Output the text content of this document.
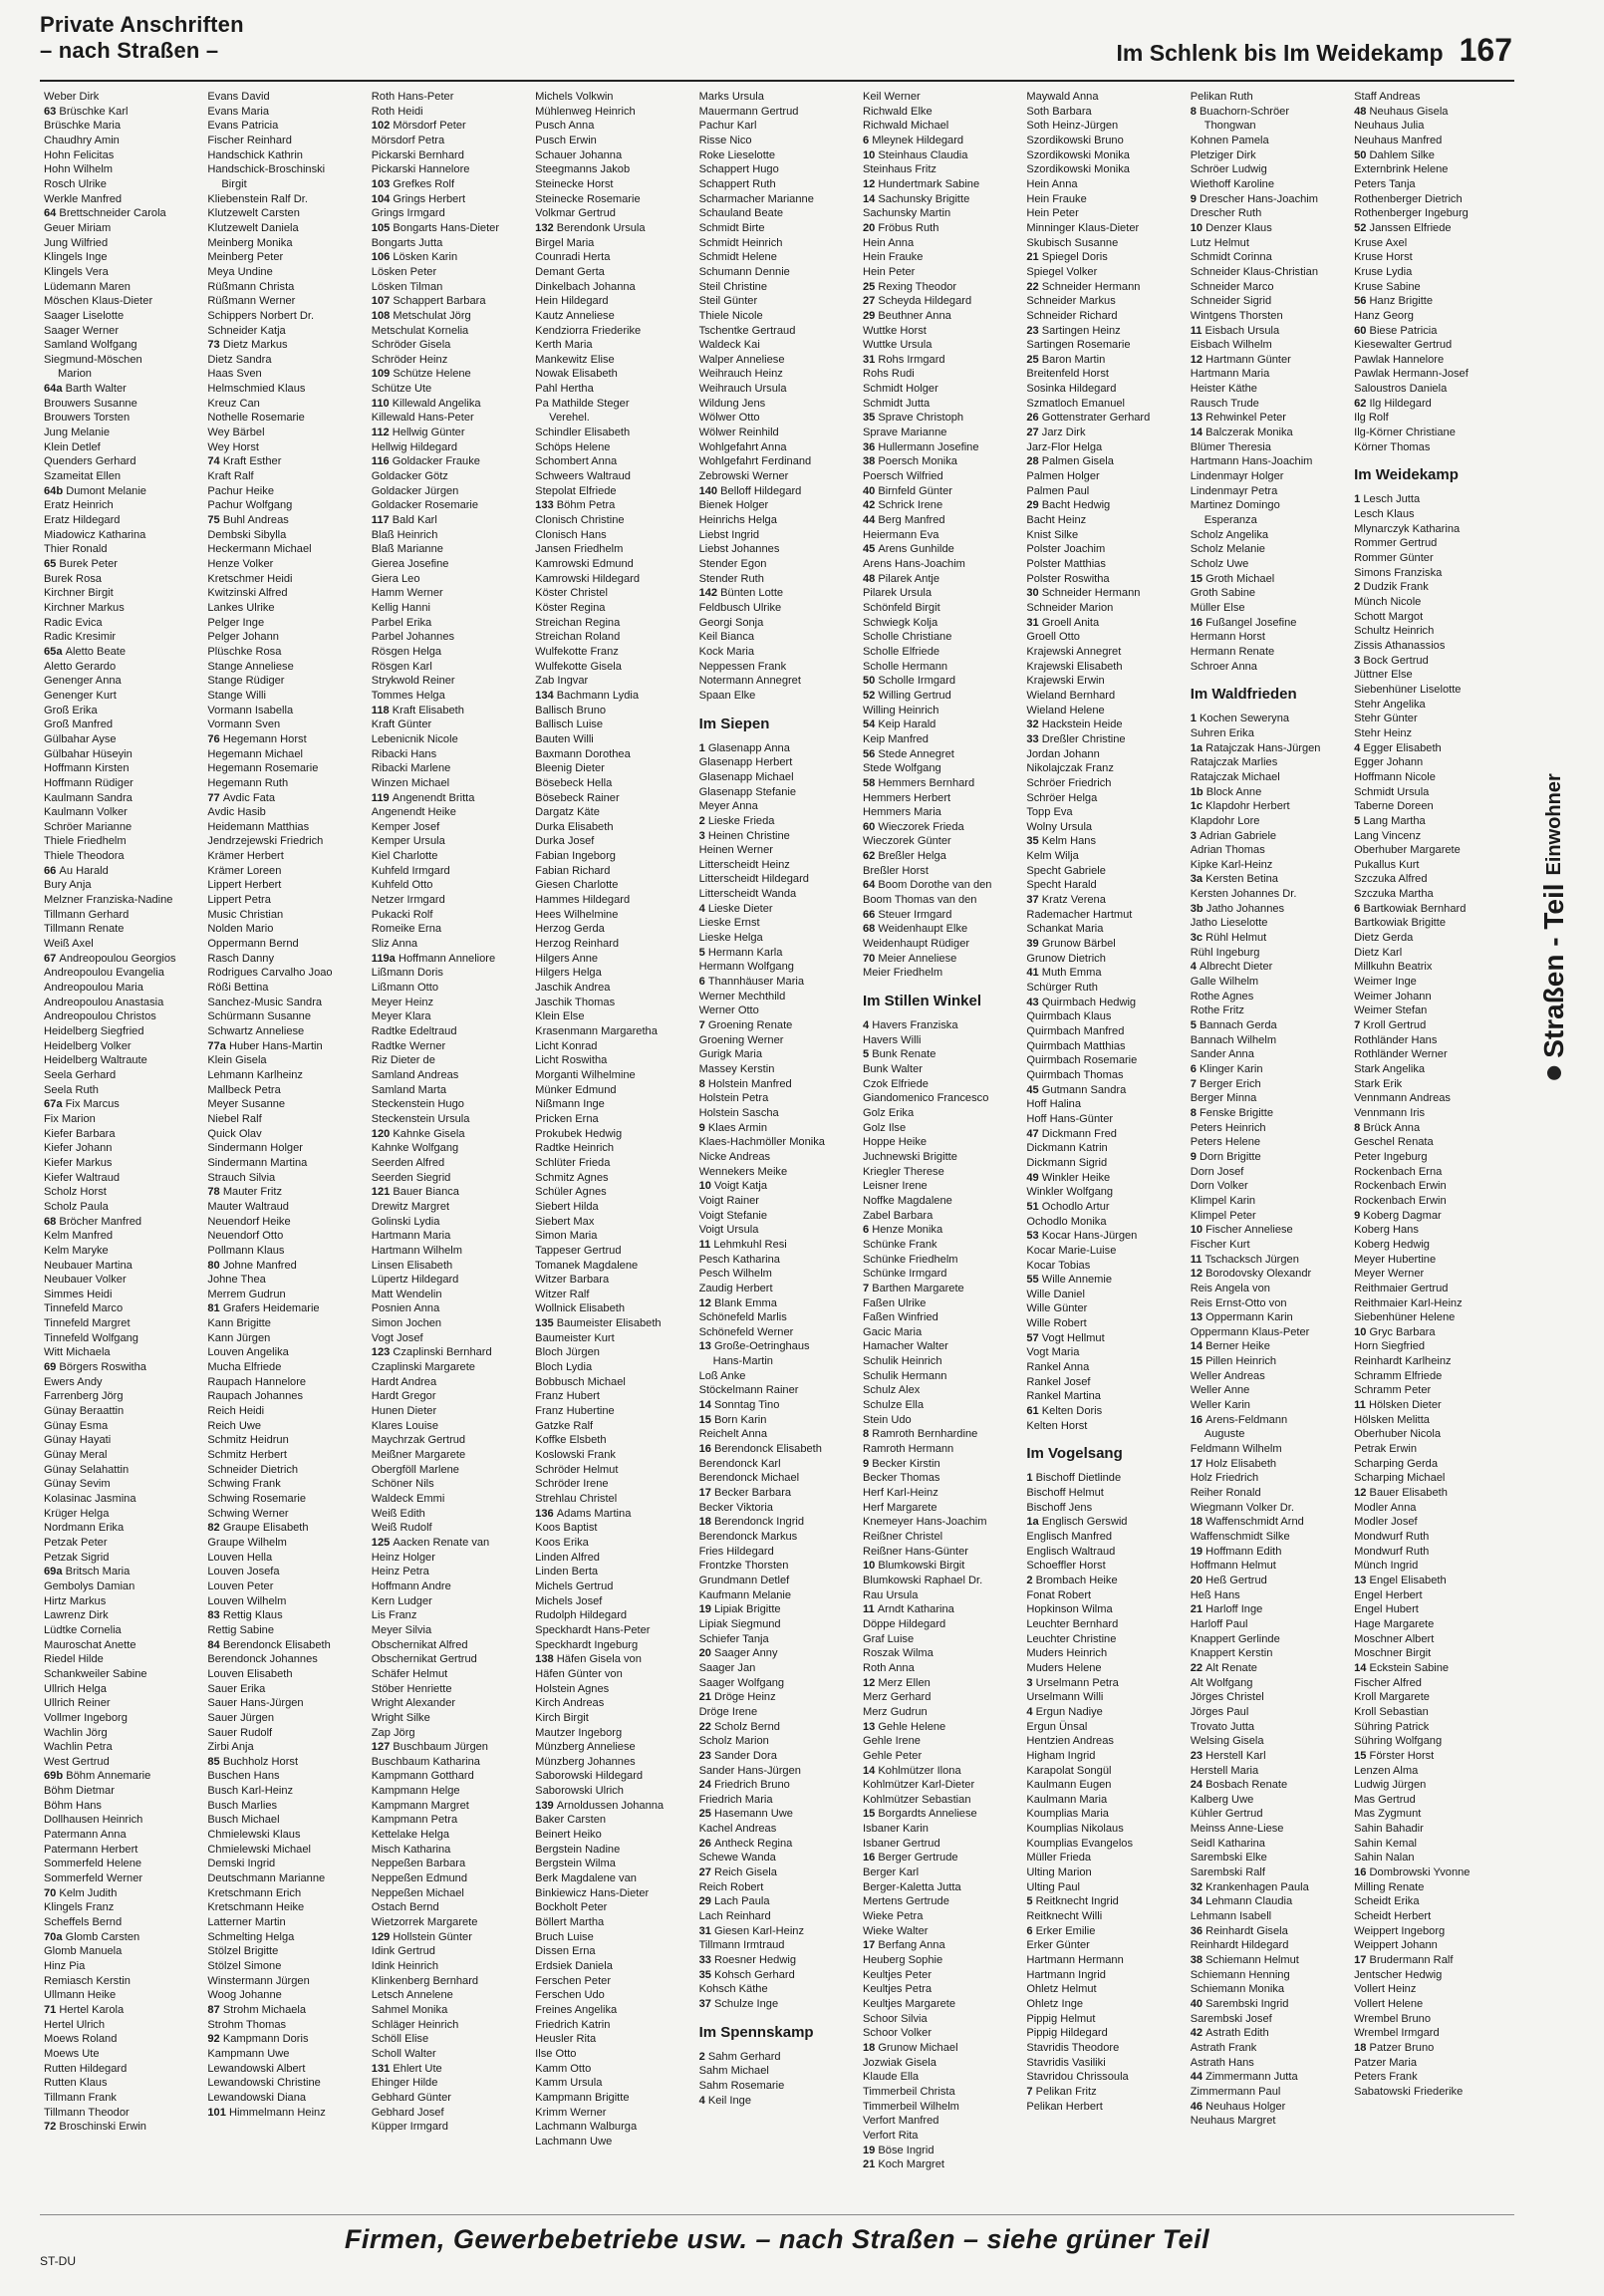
Private Anschriften
– nach Straßen –	Im Schlenk bis Im Weidekamp 167
Weber Dirk
63 Brüschke Karl
Brüschke Maria
Chaudhry Amin
Hohn Felicitas
Hohn Wilhelm
Rosch Ulrike
Werkle Manfred
64 Brettschneider Carola
Geuer Miriam
Jung Wilfried
Klingels Inge
Klingels Vera
Lüdemann Maren
Möschen Klaus-Dieter
Saager Liselotte
Saager Werner
Samland Wolfgang
Siegmund-Möschen
Marion
64a Barth Walter
Brouwers Susanne
Brouwers Torsten
Jung Melanie
Klein Detlef
Quenders Gerhard
Szameitat Ellen
64b Dumont Melanie
Eratz Heinrich
Eratz Hildegard
Miadowicz Katharina
Thier Ronald
65 Burek Peter
Burek Rosa
Kirchner Birgit
Kirchner Markus
Radic Evica
Radic Kresimir
65a Aletto Beate
Aletto Gerardo
Genenger Anna
Genenger Kurt
Groß Erika
Groß Manfred
Gülbahar Ayse
Gülbahar Hüseyin
Hoffmann Kirsten
Hoffmann Rüdiger
Kaulmann Sandra
Kaulmann Volker
Schröer Marianne
Thiele Friedhelm
Thiele Theodora
66 Au Harald
Bury Anja
Melzner Franziska-Nadine
Tillmann Gerhard
Tillmann Renate
Weiß Axel
67 Andreopoulou Georgios
Andreopoulou Evangelia
Andreopoulou Maria
Andreopoulou Anastasia
Andreopoulou Christos
Heidelberg Siegfried
Heidelberg Volker
Heidelberg Waltraute
Seela Gerhard
Seela Ruth
67a Fix Marcus
Fix Marion
Kiefer Barbara
Kiefer Johann
Kiefer Markus
Kiefer Waltraud
Scholz Horst
Scholz Paula
68 Bröcher Manfred
Kelm Manfred
Kelm Maryke
Neubauer Martina
Neubauer Volker
Simmes Heidi
Tinnefeld Marco
Tinnefeld Margret
Tinnefeld Wolfgang
Witt Michaela
69 Börgers Roswitha
Ewers Andy
Farrenberg Jörg
Günay Beraattin
Günay Esma
Günay Hayati
Günay Meral
Günay Selahattin
Günay Sevim
Kolasinac Jasmina
Krüger Helga
Nordmann Erika
Petzak Peter
Petzak Sigrid
69a Britsch Maria
Gembolys Damian
Hirtz Markus
Lawrenz Dirk
Lüdtke Cornelia
Mauroschat Anette
Riedel Hilde
Schankweiler Sabine
Ullrich Helga
Ullrich Reiner
Vollmer Ingeborg
Wachlin Jörg
Wachlin Petra
West Gertrud
69b Böhm Annemarie
Böhm Dietmar
Böhm Hans
Dollhausen Heinrich
Patermann Anna
Patermann Herbert
Sommerfeld Helene
Sommerfeld Werner
70 Kelm Judith
Klingels Franz
Scheffels Bernd
70a Glomb Carsten
Glomb Manuela
Hinz Pia
Remiasch Kerstin
Ullmann Heike
71 Hertel Karola
Hertel Ulrich
Moews Roland
Moews Ute
Rutten Hildegard
Rutten Klaus
Tillmann Frank
Tillmann Theodor
72 Broschinski Erwin
Evans David
Evans Maria
Evans Patricia
Fischer Reinhard
Handschick Kathrin
Handschick-Broschinski
Birgit
Kliebenstein Ralf Dr.
Klutzewelt Carsten
Klutzewelt Daniela
Meinberg Monika
Meinberg Peter
Meya Undine
Rüßmann Christa
Rüßmann Werner
Schippers Norbert Dr.
Schneider Katja
73 Dietz Markus
Dietz Sandra
Haas Sven
Helmschmied Klaus
Kreuz Can
Nothelle Rosemarie
Wey Bärbel
Wey Horst
74 Kraft Esther
Kraft Ralf
Pachur Heike
Pachur Wolfgang
75 Buhl Andreas
Dembski Sibylla
Heckermann Michael
Henze Volker
Kretschmer Heidi
Kwitzinski Alfred
Lankes Ulrike
Pelger Inge
Pelger Johann
Plüschke Rosa
Stange Anneliese
Stange Rüdiger
Stange Willi
Vormann Isabella
Vormann Sven
76 Hegemann Horst
Hegemann Michael
Hegemann Rosemarie
Hegemann Ruth
77 Avdic Fata
Avdic Hasib
Heidemann Matthias
Jendrzejewski Friedrich
Krämer Herbert
Krämer Loreen
Lippert Herbert
Lippert Petra
Music Christian
Nolden Mario
Oppermann Bernd
Rasch Danny
Rodrigues Carvalho Joao
Rößi Bettina
Sanchez-Music Sandra
Schürmann Susanne
Schwartz Anneliese
77a Huber Hans-Martin
Klein Gisela
Lehmann Karlheinz
Mallbeck Petra
Meyer Susanne
Niebel Ralf
Quick Olav
Sindermann Holger
Sindermann Martina
Strauch Silvia
78 Mauter Fritz
Mauter Waltraud
Neuendorf Heike
Neuendorf Otto
Pollmann Klaus
80 Johne Manfred
Johne Thea
Merrem Gudrun
81 Grafers Heidemarie
Kann Brigitte
Kann Jürgen
Louven Angelika
Mucha Elfriede
Raupach Hannelore
Raupach Johannes
Reich Heidi
Reich Uwe
Schmitz Heidrun
Schmitz Herbert
Schneider Dietrich
Schwing Frank
Schwing Rosemarie
Schwing Werner
82 Graupe Elisabeth
Graupe Wilhelm
Louven Hella
Louven Josefa
Louven Peter
Louven Wilhelm
83 Rettig Klaus
Rettig Sabine
84 Berendonck Elisabeth
Berendonck Johannes
Louven Elisabeth
Sauer Erika
Sauer Hans-Jürgen
Sauer Jürgen
Sauer Rudolf
Zirbi Anja
85 Buchholz Horst
Buschen Hans
Busch Karl-Heinz
Busch Marlies
Busch Michael
Chmielewski Klaus
Chmielewski Michael
Demski Ingrid
Deutschmann Marianne
Kretschmann Erich
Kretschmann Heike
Latterner Martin
Schmelting Helga
Stölzel Brigitte
Stölzel Simone
Winstermann Jürgen
Woog Johanne
87 Strohm Michaela
Strohm Thomas
92 Kampmann Doris
Kampmann Uwe
Lewandowski Albert
Lewandowski Christine
Lewandowski Diana
101 Himmelmann Heinz
Roth Hans-Peter
Roth Heidi
102 Mörsdorf Peter
Mörsdorf Petra
Pickarski Bernhard
Pickarski Hannelore
103 Grefkes Rolf
104 Grings Herbert
Grings Irmgard
105 Bongarts Hans-Dieter
Bongarts Jutta
106 Lösken Karin
Lösken Peter
Lösken Tilman
107 Schappert Barbara
108 Metschulat Jörg
Metschulat Kornelia
Schröder Gisela
Schröder Heinz
109 Schütze Helene
Schütze Ute
110 Killewald Angelika
Killewald Hans-Peter
112 Hellwig Günter
Hellwig Hildegard
116 Goldacker Frauke
Goldacker Götz
Goldacker Jürgen
Goldacker Rosemarie
117 Bald Karl
Blaß Heinrich
Blaß Marianne
Gierea Josefine
Giera Leo
Hamm Werner
Kellig Hanni
Parbel Erika
Parbel Johannes
Rösgen Helga
Rösgen Karl
Strykwold Reiner
Tommes Helga
118 Kraft Elisabeth
Kraft Günter
Lebenicnik Nicole
Ribacki Hans
Ribacki Marlene
Winzen Michael
119 Angenendt Britta
Angenendt Heike
Kemper Josef
Kemper Ursula
Kiel Charlotte
Kuhfeld Irmgard
Kuhfeld Otto
Netzer Irmgard
Pukacki Rolf
Romeike Erna
Sliz Anna
119a Hoffmann Anneliore
Lißmann Doris
Lißmann Otto
Meyer Heinz
Meyer Klara
Radtke Edeltraud
Radtke Werner
Riz Dieter de
Samland Andreas
Samland Marta
Steckenstein Hugo
Steckenstein Ursula
120 Kahnke Gisela
Kahnke Wolfgang
Seerden Alfred
Seerden Siegrid
121 Bauer Bianca
Drewitz Margret
Golinski Lydia
Hartmann Maria
Hartmann Wilhelm
Linsen Elisabeth
Lüpertz Hildegard
Matt Wendelin
Posnien Anna
Simon Jochen
Vogt Josef
123 Czaplinski Bernhard
Czaplinski Margarete
Hardt Andrea
Hardt Gregor
Hunen Dieter
Klares Louise
Maychrzak Gertrud
Meißner Margarete
Obergföll Marlene
Schöner Nils
Waldeck Emmi
Weiß Edith
Weiß Rudolf
125 Aacken Renate van
Heinz Holger
Heinz Petra
Hoffmann Andre
Kern Ludger
Lis Franz
Meyer Silvia
Obschernikat Alfred
Obschernikat Gertrud
Schäfer Helmut
Stöber Henriette
Wright Alexander
Wright Silke
Zap Jörg
127 Buschbaum Jürgen
Buschbaum Katharina
Kampmann Gotthard
Kampmann Helge
Kampmann Margret
Kampmann Petra
Kettelake Helga
Misch Katharina
Neppeßen Barbara
Neppeßen Edmund
Neppeßen Michael
Ostach Bernd
Wietzorrek Margarete
129 Hollstein Günter
Idink Gertrud
Idink Heinrich
Klinkenberg Bernhard
Letsch Annelene
Sahmel Monika
Schläger Heinrich
Schöll Elise
Scholl Walter
131 Ehlert Ute
Ehinger Hilde
Gebhard Günter
Gebhard Josef
Küpper Irmgard
Michels Volkwin
Mühlenweg Heinrich
Pusch Anna
Pusch Erwin
Schauer Johanna
Steegmanns Jakob
Steinecke Horst
Steinecke Rosemarie
Volkmar Gertrud
132 Berendonk Ursula
Birgel Maria
Counradi Herta
Demant Gerta
Dinkelbach Johanna
Hein Hildegard
Kautz Anneliese
Kendziorra Friederike
Kerth Maria
Mankewitz Elise
Nowak Elisabeth
Pahl Hertha
Pa Mathilde Steger
Verehel.
Schindler Elisabeth
Schöps Helene
Schombert Anna
Schweers Waltraud
Stepolat Elfriede
133 Böhm Petra
Clonisch Christine
Clonisch Hans
Jansen Friedhelm
Kamrowski Edmund
Kamrowski Hildegard
Köster Christel
Köster Regina
Streichan Regina
Streichan Roland
Wulfekotte Franz
Wulfekotte Gisela
Zab Ingvar
134 Bachmann Lydia
Ballisch Bruno
Ballisch Luise
Bauten Willi
Baxmann Dorothea
Bleenig Dieter
Bösebeck Hella
Bösebeck Rainer
Dargatz Käte
Durka Elisabeth
Durka Josef
Fabian Ingeborg
Fabian Richard
Giesen Charlotte
Hammes Hildegard
Hees Wilhelmine
Herzog Gerda
Herzog Reinhard
Hilgers Anne
Hilgers Helga
Jaschik Andrea
Jaschik Thomas
Klein Else
Krasenmann Margaretha
Licht Konrad
Licht Roswitha
Morganti Wilhelmine
Münker Edmund
Nißmann Inge
Pricken Erna
Prokubek Hedwig
Radtke Heinrich
Schlüter Frieda
Schmitz Agnes
Schüler Agnes
Siebert Hilda
Siebert Max
Simon Maria
Tappeser Gertrud
Tomanek Magdalene
Witzer Barbara
Witzer Ralf
Wollnick Elisabeth
135 Baumeister Elisabeth
Baumeister Kurt
Bloch Jürgen
Bloch Lydia
Bobbusch Michael
Franz Hubert
Franz Hubertine
Gatzke Ralf
Koffke Elsbeth
Koslowski Frank
Schröder Helmut
Schröder Irene
Strehlau Christel
136 Adams Martina
Koos Baptist
Koos Erika
Linden Alfred
Linden Berta
Michels Gertrud
Michels Josef
Rudolph Hildegard
Speckhardt Hans-Peter
Speckhardt Ingeburg
138 Häfen Gisela von
Häfen Günter von
Holstein Agnes
Kirch Andreas
Kirch Birgit
Mautzer Ingeborg
Münzberg Anneliese
Münzberg Johannes
Saborowski Hildegard
Saborowski Ulrich
139 Arnoldussen Johanna
Baker Carsten
Beinert Heiko
Bergstein Nadine
Bergstein Wilma
Berk Magdalene van
Binkiewicz Hans-Dieter
Bockholt Peter
Böllert Martha
Bruch Luise
Dissen Erna
Erdsiek Daniela
Ferschen Peter
Ferschen Udo
Freines Angelika
Friedrich Katrin
Heusler Rita
Ilse Otto
Kamm Otto
Kamm Ursula
Kampmann Brigitte
Krimm Werner
Lachmann Walburga
Lachmann Uwe
Marks Ursula
Mauermann Gertrud
Pachur Karl
Risse Nico
Roke Lieselotte
Schappert Hugo
Schappert Ruth
Scharmacher Marianne
Schauland Beate
Schmidt Birte
Schmidt Heinrich
Schmidt Helene
Schumann Dennie
Steil Christine
Steil Günter
Thiele Nicole
Tschentke Gertraud
Waldeck Kai
Walper Anneliese
Weihrauch Heinz
Weihrauch Ursula
Wildung Jens
Wölwer Otto
Wölwer Reinhild
Wohlgefahrt Anna
Wohlgefahrt Ferdinand
Zebrowski Werner
140 Belloff Hildegard
Bienek Holger
Heinrichs Helga
Liebst Ingrid
Liebst Johannes
Stender Egon
Stender Ruth
142 Bünten Lotte
Feldbusch Ulrike
Georgi Sonja
Keil Bianca
Kock Maria
Neppessen Frank
Notermann Annegret
Spaan Elke
Im Siepen
1 Glasenapp Anna
Glasenapp Herbert
Glasenapp Michael
Glasenapp Stefanie
Meyer Anna
2 Lieske Frieda
3 Heinen Christine
Heinen Werner
Litterscheidt Heinz
Litterscheidt Hildegard
Litterscheidt Wanda
4 Lieske Dieter
Lieske Ernst
Lieske Helga
5 Hermann Karla
Hermann Wolfgang
6 Thannhäuser Maria
Werner Mechthild
Werner Otto
7 Groening Renate
Groening Werner
Gurigk Maria
Massey Kerstin
8 Holstein Manfred
Holstein Petra
Holstein Sascha
9 Klaes Armin
Klaes-Hachmöller Monika
Nicke Andreas
Wennekers Meike
10 Voigt Katja
Voigt Rainer
Voigt Stefanie
Voigt Ursula
11 Lehmkuhl Resi
Pesch Katharina
Pesch Wilhelm
Zaudig Herbert
12 Blank Emma
Schönefeld Marlis
Schönefeld Werner
13 Große-Oetringhaus
Hans-Martin
Loß Anke
Stöckelmann Rainer
14 Sonntag Tino
15 Born Karin
Reichelt Anna
16 Berendonck Elisabeth
Berendonck Karl
Berendonck Michael
17 Becker Barbara
Becker Viktoria
18 Berendonck Ingrid
Berendonck Markus
Fries Hildegard
Frontzke Thorsten
Grundmann Detlef
Kaufmann Melanie
19 Lipiak Brigitte
Lipiak Siegmund
Schiefer Tanja
20 Saager Anny
Saager Jan
Saager Wolfgang
21 Dröge Heinz
Dröge Irene
22 Scholz Bernd
Scholz Marion
23 Sander Dora
Sander Hans-Jürgen
24 Friedrich Bruno
Friedrich Maria
25 Hasemann Uwe
Kachel Andreas
26 Antheck Regina
Schewe Wanda
27 Reich Gisela
Reich Robert
29 Lach Paula
Lach Reinhard
31 Giesen Karl-Heinz
Tillmann Irmtraud
33 Roesner Hedwig
35 Kohsch Gerhard
Kohsch Käthe
37 Schulze Inge
Im Spennskamp
2 Sahm Gerhard
Sahm Michael
Sahm Rosemarie
4 Keil Inge
Keil Werner
Richwald Elke
Richwald Michael
6 Mleynek Hildegard
10 Steinhaus Claudia
Steinhaus Fritz
12 Hundertmark Sabine
14 Sachunsky Brigitte
Sachunsky Martin
20 Fröbus Ruth
Hein Anna
Hein Frauke
Hein Peter
25 Rexing Theodor
27 Scheyda Hildegard
29 Beuthner Anna
Wuttke Horst
Wuttke Ursula
31 Rohs Irmgard
Rohs Rudi
Schmidt Holger
Schmidt Jutta
35 Sprave Christoph
Sprave Marianne
36 Hullermann Josefine
38 Poersch Monika
Poersch Wilfried
40 Birnfeld Günter
42 Schrick Irene
44 Berg Manfred
Heiermann Eva
45 Arens Gunhilde
Arens Hans-Joachim
48 Pilarek Antje
Pilarek Ursula
Schönfeld Birgit
Schwiegk Kolja
Scholle Christiane
Scholle Elfriede
Scholle Hermann
50 Scholle Irmgard
52 Willing Gertrud
Willing Heinrich
54 Keip Harald
Keip Manfred
56 Stede Annegret
Stede Wolfgang
58 Hemmers Bernhard
Hemmers Herbert
Hemmers Maria
60 Wieczorek Frieda
Wieczorek Günter
62 Breßler Helga
Breßler Horst
64 Boom Dorothe van den
Boom Thomas van den
66 Steuer Irmgard
68 Weidenhaupt Elke
Weidenhaupt Rüdiger
70 Meier Anneliese
Meier Friedhelm
Im Stillen Winkel
4 Havers Franziska
Havers Willi
5 Bunk Renate
Bunk Walter
Czok Elfriede
Giandomenico Francesco
Golz Erika
Golz Ilse
Hoppe Heike
Juchnewski Brigitte
Kriegler Therese
Leisner Irene
Noffke Magdalene
Zabel Barbara
6 Henze Monika
Schünke Frank
Schünke Friedhelm
Schünke Irmgard
7 Barthen Margarete
Faßen Ulrike
Faßen Winfried
Gacic Maria
Hamacher Walter
Schulik Heinrich
Schulik Hermann
Schulz Alex
Schulze Ella
Stein Udo
8 Ramroth Bernhardine
Ramroth Hermann
9 Becker Kirstin
Becker Thomas
Herf Karl-Heinz
Herf Margarete
Knemeyer Hans-Joachim
Reißner Christel
Reißner Hans-Günter
10 Blumkowski Birgit
Blumkowski Raphael Dr.
Rau Ursula
11 Arndt Katharina
Döppe Hildegard
Graf Luise
Roszak Wilma
Roth Anna
12 Merz Ellen
Merz Gerhard
Merz Gudrun
13 Gehle Helene
Gehle Irene
Gehle Peter
14 Kohlmützer Ilona
Kohlmützer Karl-Dieter
Kohlmützer Sebastian
15 Borgardts Anneliese
Isbaner Karin
Isbaner Gertrud
16 Berger Gertrude
Berger Karl
Berger-Kaletta Jutta
Mertens Gertrude
Wieke Petra
Wieke Walter
17 Berfang Anna
Heuberg Sophie
Keultjes Peter
Keultjes Petra
Keultjes Margarete
Schoor Silvia
Schoor Volker
18 Grunow Michael
Jozwiak Gisela
Klaude Ella
Timmerbeil Christa
Timmerbeil Wilhelm
Verfort Manfred
Verfort Rita
19 Böse Ingrid
21 Koch Margret
Maywald Anna
Soth Barbara
Soth Heinz-Jürgen
Szordikowski Bruno
Szordikowski Monika
Szordikowski Monika
Hein Anna
Hein Frauke
Hein Peter
Minninger Klaus-Dieter
Skubisch Susanne
21 Spiegel Doris
Spiegel Volker
22 Schneider Hermann
Schneider Markus
Schneider Richard
23 Sartingen Heinz
Sartingen Rosemarie
25 Baron Martin
Breitenfeld Horst
Sosinka Hildegard
Szmatloch Emanuel
26 Gottenstrater Gerhard
27 Jarz Dirk
Jarz-Flor Helga
28 Palmen Gisela
Palmen Holger
Palmen Paul
29 Bacht Hedwig
Bacht Heinz
Knist Silke
Polster Joachim
Polster Matthias
Polster Roswitha
30 Schneider Hermann
Schneider Marion
31 Groell Anita
Groell Otto
Krajewski Annegret
Krajewski Elisabeth
Krajewski Erwin
Wieland Bernhard
Wieland Helene
32 Hackstein Heide
33 Dreßler Christine
Jordan Johann
Nikolajczak Franz
Schröer Friedrich
Schröer Helga
Topp Eva
Wolny Ursula
35 Kelm Hans
Kelm Wilja
Specht Gabriele
Specht Harald
37 Kratz Verena
Rademacher Hartmut
Schankat Maria
39 Grunow Bärbel
Grunow Dietrich
41 Muth Emma
Schürger Ruth
43 Quirmbach Hedwig
Quirmbach Klaus
Quirmbach Manfred
Quirmbach Matthias
Quirmbach Rosemarie
Quirmbach Thomas
45 Gutmann Sandra
Hoff Halina
Hoff Hans-Günter
47 Dickmann Fred
Dickmann Katrin
Dickmann Sigrid
49 Winkler Heike
Winkler Wolfgang
51 Ochodlo Artur
Ochodlo Monika
53 Kocar Hans-Jürgen
Kocar Marie-Luise
Kocar Tobias
55 Wille Annemie
Wille Daniel
Wille Günter
Wille Robert
57 Vogt Hellmut
Vogt Maria
Rankel Anna
Rankel Josef
Rankel Martina
61 Kelten Doris
Kelten Horst
Im Vogelsang
1 Bischoff Dietlinde
Bischoff Helmut
Bischoff Jens
1a Englisch Gerswid
Englisch Manfred
Englisch Waltraud
Schoeffler Horst
2 Brombach Heike
Fonat Robert
Hopkinson Wilma
Leuchter Bernhard
Leuchter Christine
Muders Heinrich
Muders Helene
3 Urselmann Petra
Urselmann Willi
4 Ergun Nadiye
Ergun Ünsal
Hentzien Andreas
Higham Ingrid
Karapolat Songül
Kaulmann Eugen
Kaulmann Maria
Koumplias Maria
Koumplias Nikolaus
Koumplias Evangelos
Müller Frieda
Ulting Marion
Ulting Paul
5 Reitknecht Ingrid
Reitknecht Willi
6 Erker Emilie
Erker Günter
Hartmann Hermann
Hartmann Ingrid
Ohletz Helmut
Ohletz Inge
Pippig Helmut
Pippig Hildegard
Stavridis Theodore
Stavridis Vasiliki
Stavridou Chrissoula
7 Pelikan Fritz
Pelikan Herbert
Pelikan Ruth
8 Buachorn-Schröer
Thongwan
Kohnen Pamela
Pletziger Dirk
Schröer Ludwig
Wiethoff Karoline
9 Drescher Hans-Joachim
Drescher Ruth
10 Denzer Klaus
Lutz Helmut
Schmidt Corinna
Schneider Klaus-Christian
Schneider Marco
Schneider Sigrid
Wintgens Thorsten
11 Eisbach Ursula
Eisbach Wilhelm
12 Hartmann Günter
Hartmann Maria
Heister Käthe
Rausch Trude
13 Rehwinkel Peter
14 Balczerak Monika
Blümer Theresia
Hartmann Hans-Joachim
Lindenmayr Holger
Lindenmayr Petra
Martinez Domingo
Esperanza
Scholz Angelika
Scholz Melanie
Scholz Uwe
15 Groth Michael
Groth Sabine
Müller Else
16 Fußangel Josefine
Hermann Horst
Hermann Renate
Schroer Anna
Im Waldfrieden
1 Kochen Seweryna
Suhren Erika
1a Ratajczak Hans-Jürgen
Ratajczak Marlies
Ratajczak Michael
1b Block Anne
1c Klapdohr Herbert
Klapdohr Lore
3 Adrian Gabriele
Adrian Thomas
Kipke Karl-Heinz
3a Kersten Betina
Kersten Johannes Dr.
3b Jatho Johannes
Jatho Lieselotte
3c Rühl Helmut
Rühl Ingeburg
4 Albrecht Dieter
Galle Wilhelm
Rothe Agnes
Rothe Fritz
5 Bannach Gerda
Bannach Wilhelm
Sander Anna
6 Klinger Karin
7 Berger Erich
Berger Minna
8 Fenske Brigitte
Peters Heinrich
Peters Helene
9 Dorn Brigitte
Dorn Josef
Dorn Volker
Klimpel Karin
Klimpel Peter
10 Fischer Anneliese
Fischer Kurt
11 Tschacksch Jürgen
12 Borodovsky Olexandr
Reis Angela von
Reis Ernst-Otto von
13 Oppermann Karin
Oppermann Klaus-Peter
14 Berner Heike
15 Pillen Heinrich
Weller Andreas
Weller Anne
Weller Karin
16 Arens-Feldmann
Auguste
Feldmann Wilhelm
17 Holz Elisabeth
Holz Friedrich
Reiher Ronald
Wiegmann Volker Dr.
18 Waffenschmidt Arnd
Waffenschmidt Silke
19 Hoffmann Edith
Hoffmann Helmut
20 Heß Gertrud
Heß Hans
21 Harloff Inge
Harloff Paul
Knappert Gerlinde
Knappert Kerstin
22 Alt Renate
Alt Wolfgang
Jörges Christel
Jörges Paul
Trovato Jutta
Welsing Gisela
23 Herstell Karl
Herstell Maria
24 Bosbach Renate
Kalberg Uwe
Kühler Gertrud
Meinss Anne-Liese
Seidl Katharina
Sarembski Elke
Sarembski Ralf
32 Krankenhagen Paula
34 Lehmann Claudia
Lehmann Isabell
36 Reinhardt Gisela
Reinhardt Hildegard
38 Schiemann Helmut
Schiemann Henning
Schiemann Monika
40 Sarembski Ingrid
Sarembski Josef
42 Astrath Edith
Astrath Frank
Astrath Hans
44 Zimmermann Jutta
Zimmermann Paul
46 Neuhaus Holger
Neuhaus Margret
Staff Andreas
48 Neuhaus Gisela
Neuhaus Julia
Neuhaus Manfred
50 Dahlem Silke
Externbrink Helene
Peters Tanja
Rothenberger Dietrich
Rothenberger Ingeburg
52 Janssen Elfriede
Kruse Axel
Kruse Horst
Kruse Lydia
Kruse Sabine
56 Hanz Brigitte
Hanz Georg
60 Biese Patricia
Kiesewalter Gertrud
Pawlak Hannelore
Pawlak Hermann-Josef
Saloustros Daniela
62 Ilg Hildegard
Ilg Rolf
Ilg-Körner Christiane
Körner Thomas
Im Weidekamp
1 Lesch Jutta
Lesch Klaus
Mlynarczyk Katharina
Rommer Gertrud
Rommer Günter
Simons Franziska
2 Dudzik Frank
Münch Nicole
Schott Margot
Schultz Heinrich
Zissis Athanassios
3 Bock Gertrud
Jüttner Else
Siebenhüner Liselotte
Stehr Angelika
Stehr Günter
Stehr Heinz
4 Egger Elisabeth
Egger Johann
Hoffmann Nicole
Schmidt Ursula
Taberne Doreen
5 Lang Martha
Lang Vincenz
Oberhuber Margarete
Pukallus Kurt
Szczuka Alfred
Szczuka Martha
6 Bartkowiak Bernhard
Bartkowiak Brigitte
Dietz Gerda
Dietz Karl
Millkuhn Beatrix
Weimer Inge
Weimer Johann
Weimer Stefan
7 Kroll Gertrud
Rothländer Hans
Rothländer Werner
Stark Angelika
Stark Erik
Vennmann Andreas
Vennmann Iris
8 Brück Anna
Geschel Renata
Peter Ingeburg
Rockenbach Erna
Rockenbach Erwin
Rockenbach Erwin
9 Koberg Dagmar
Koberg Hans
Koberg Hedwig
Meyer Hubertine
Meyer Werner
Reithmaier Gertrud
Reithmaier Karl-Heinz
Siebenhüner Helene
10 Gryc Barbara
Horn Siegfried
Reinhardt Karlheinz
Schramm Elfriede
Schramm Peter
11 Hölsken Dieter
Hölsken Melitta
Oberhuber Nicola
Petrak Erwin
Scharping Gerda
Scharping Michael
12 Bauer Elisabeth
Modler Anna
Modler Josef
Mondwurf Ruth
Mondwurf Ruth
Münch Ingrid
13 Engel Elisabeth
Engel Herbert
Engel Hubert
Hage Margarete
Moschner Albert
Moschner Birgit
14 Eckstein Sabine
Fischer Alfred
Kroll Margarete
Kroll Sebastian
Sühring Patrick
Sühring Wolfgang
15 Förster Horst
Lenzen Alma
Ludwig Jürgen
Mas Gertrud
Mas Zygmunt
Sahin Bahadir
Sahin Kemal
Sahin Nalan
16 Dombrowski Yvonne
Milling Renate
Scheidt Erika
Scheidt Herbert
Weippert Ingeborg
Weippert Johann
17 Brudermann Ralf
Jentscher Hedwig
Vollert Heinz
Vollert Helene
Wrembel Bruno
Wrembel Irmgard
18 Patzer Bruno
Patzer Maria
Peters Frank
Sabatowski Friederike
Straßen - Teil
Einwohner
Firmen, Gewerbebetriebe usw. – nach Straßen – siehe grüner Teil
ST-DU
